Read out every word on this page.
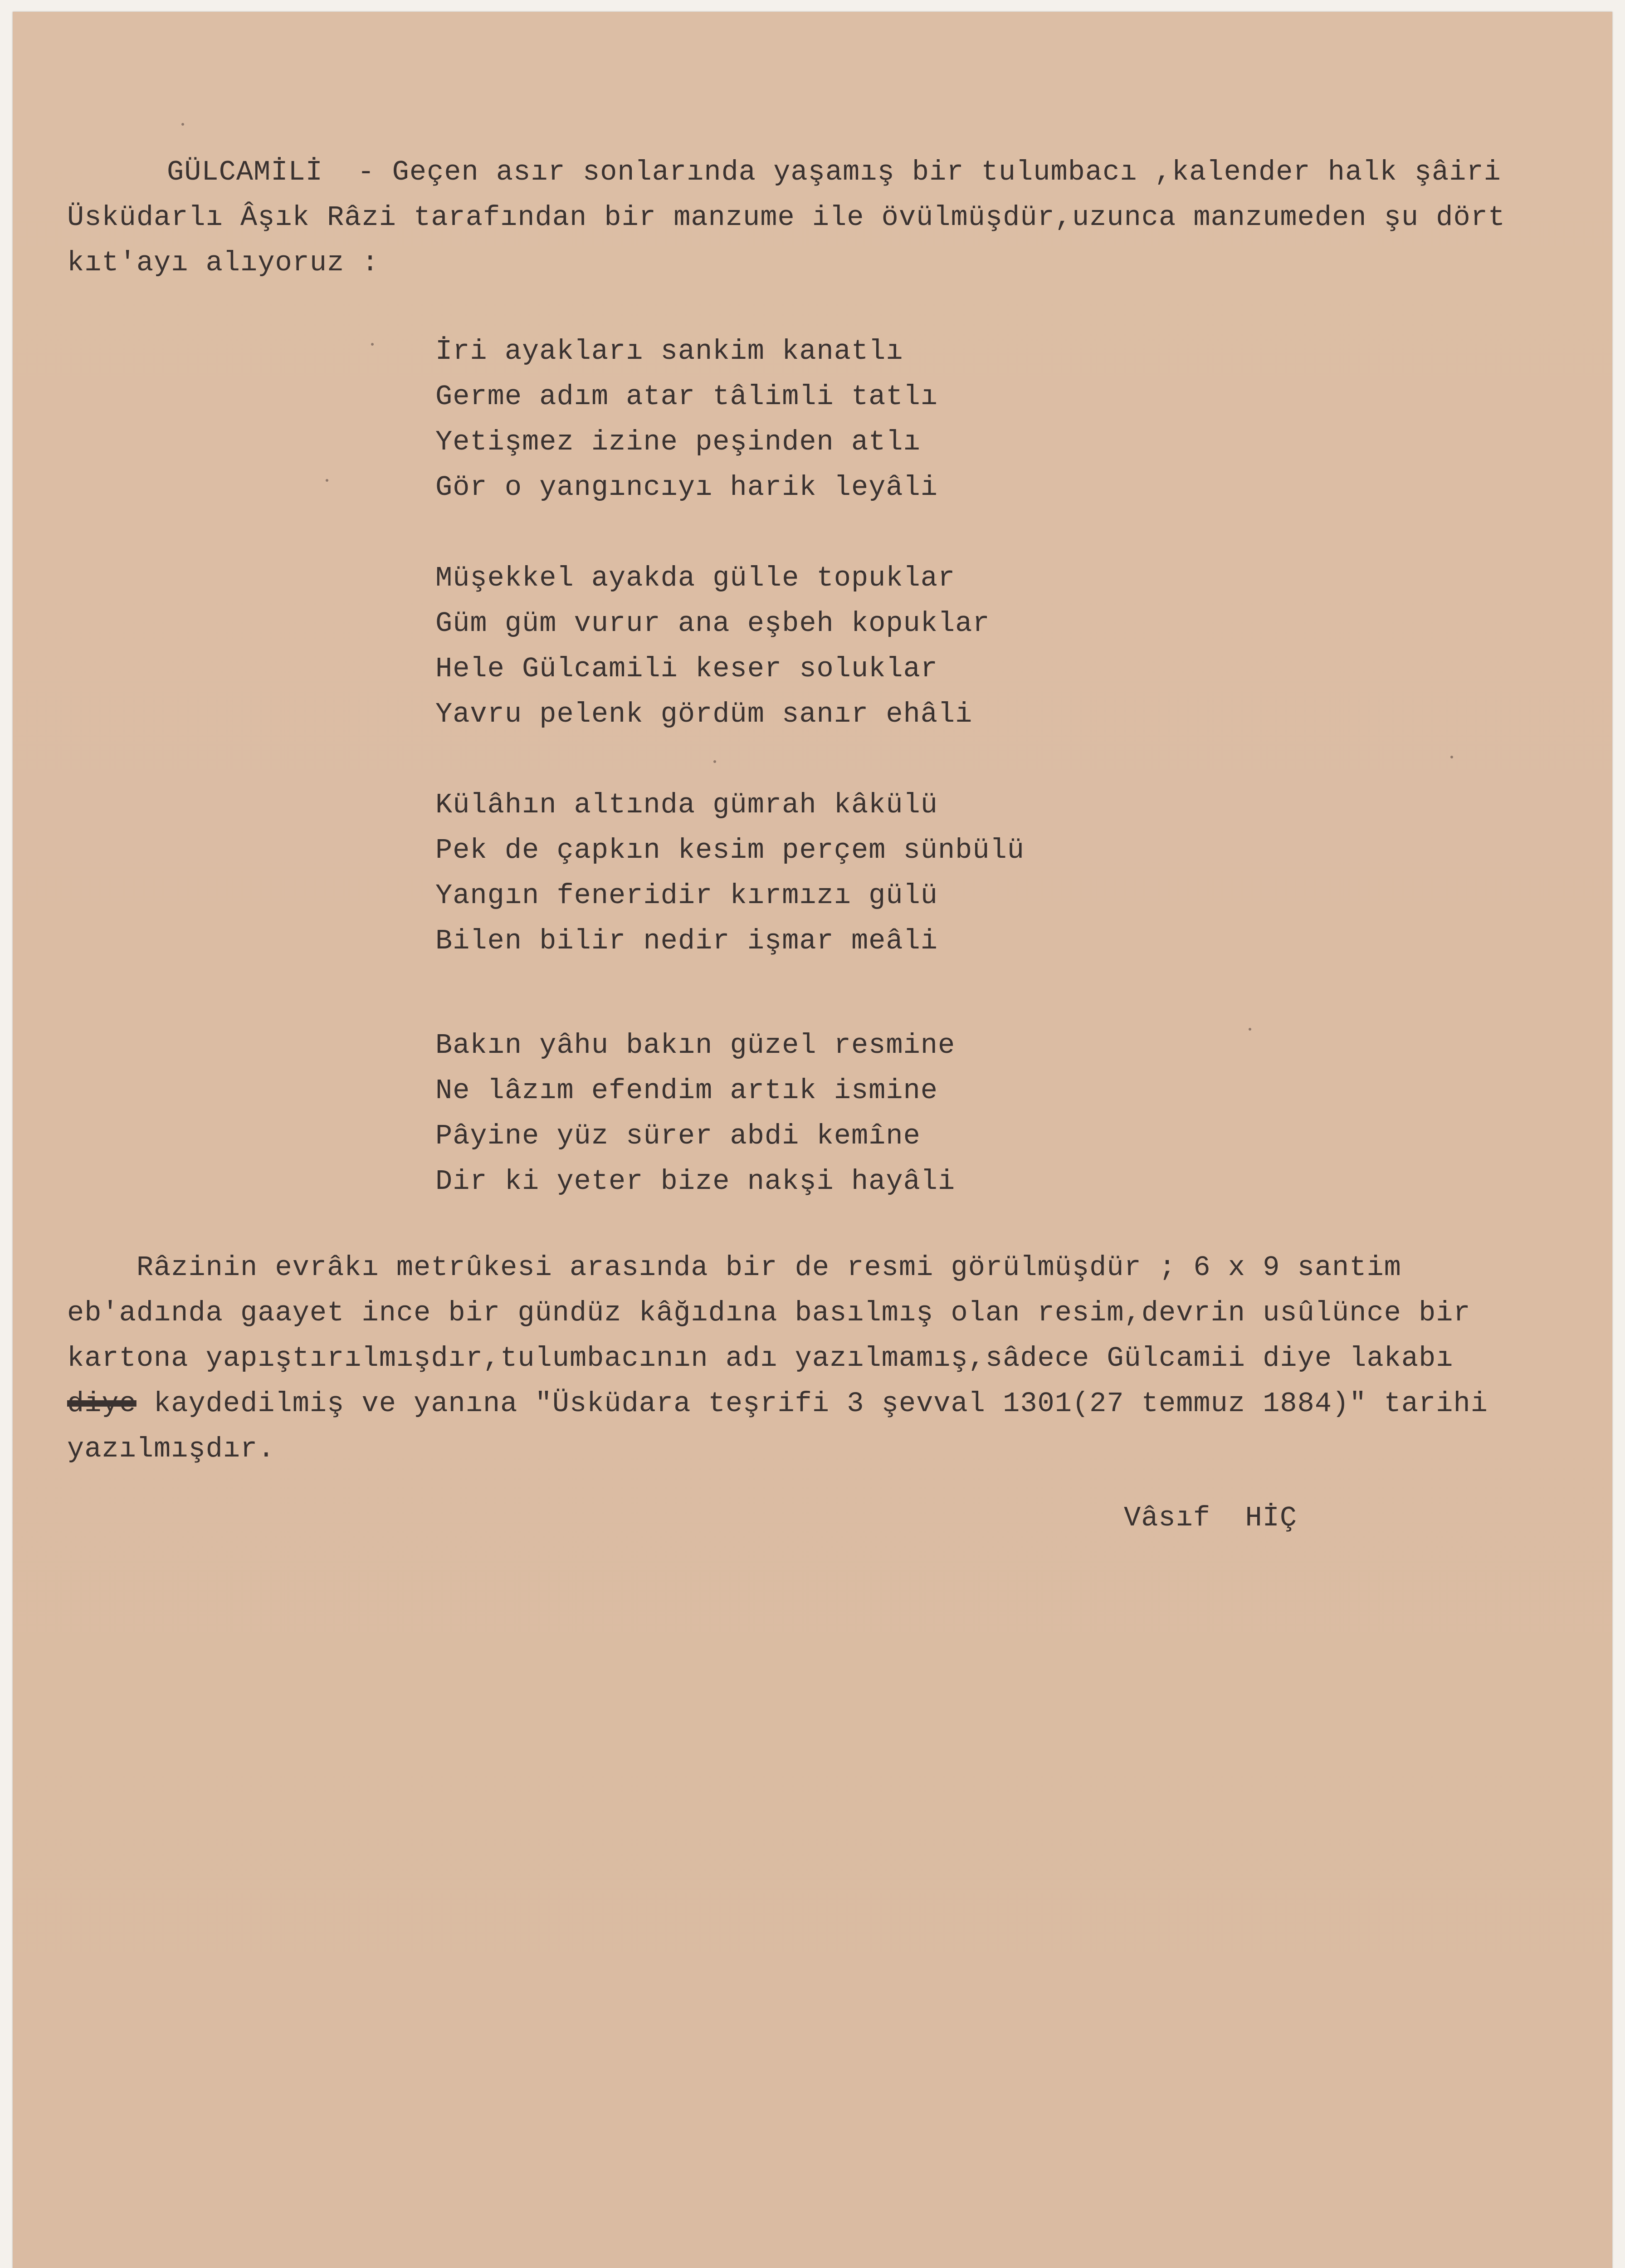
GÜLCAMİLİ  - Geçen asır sonlarında yaşamış bir tulumbacı ,kalender halk şâiri
Üsküdarlı Âşık Râzi tarafından bir manzume ile övülmüşdür,uzunca manzumeden şu dört
kıt'ayı alıyoruz :
İri ayakları sankim kanatlı
Germe adım atar tâlimli tatlı
Yetişmez izine peşinden atlı
Gör o yangıncıyı harik leyâli
Müşekkel ayakda gülle topuklar
Güm güm vurur ana eşbeh kopuklar
Hele Gülcamili keser soluklar
Yavru pelenk gördüm sanır ehâli
Külâhın altında gümrah kâkülü
Pek de çapkın kesim perçem sünbülü
Yangın feneridir kırmızı gülü
Bilen bilir nedir işmar meâli
Bakın yâhu bakın güzel resmine
Ne lâzım efendim artık ismine
Pâyine yüz sürer abdi kemîne
Dir ki yeter bize nakşi hayâli
Râzinin evrâkı metrûkesi arasında bir de resmi görülmüşdür ; 6 x 9 santim
eb'adında gaayet ince bir gündüz kâğıdına basılmış olan resim,devrin usûlünce bir
kartona yapıştırılmışdır,tulumbacının adı yazılmamış,sâdece Gülcamii diye lakabı
diye kaydedilmiş ve yanına "Üsküdara teşrifi 3 şevval 1301(27 temmuz 1884)" tarihi
yazılmışdır.
Vâsıf  HİÇ
